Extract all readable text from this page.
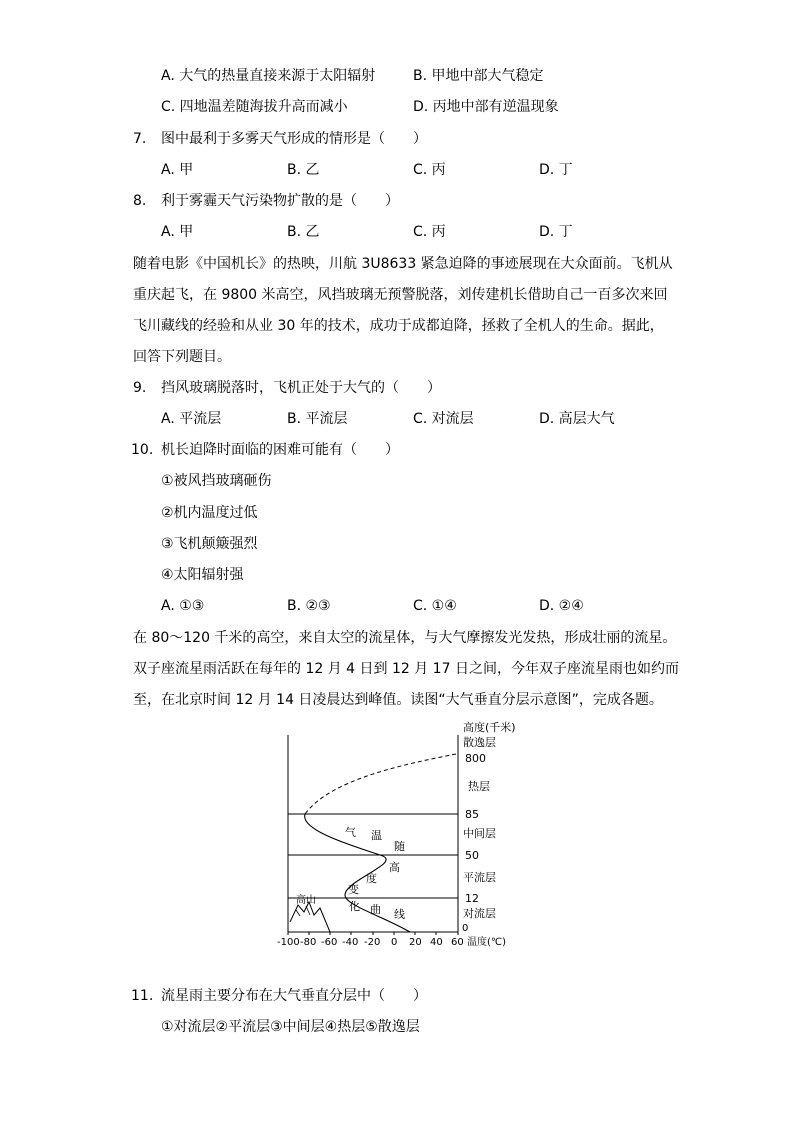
A. 大气的热量直接来源于太阳辐射	B. 甲地中部大气稳定
C. 四地温差随海拔升高而减小	D. 丙地中部有逆温现象
7. 图中最利于多雾天气形成的情形是（　　）
A. 甲	B. 乙	C. 丙	D. 丁
8. 利于雾霾天气污染物扩散的是（　　）
A. 甲	B. 乙	C. 丙	D. 丁
随着电影《中国机长》的热映，川航 3U8633 紧急迫降的事迹展现在大众面前。飞机从
重庆起飞，在 9800 米高空，风挡玻璃无预警脱落，刘传建机长借助自己一百多次来回
飞川藏线的经验和从业 30 年的技术，成功于成都迫降，拯救了全机人的生命。据此，
回答下列题目。
9. 挡风玻璃脱落时，飞机正处于大气的（　　）
A. 平流层	B. 平流层	C. 对流层	D. 高层大气
10. 机长迫降时面临的困难可能有（　　）
①被风挡玻璃砸伤
②机内温度过低
③飞机颠簸强烈
④太阳辐射强
A. ①③	B. ②③	C. ①④	D. ②④
在 80～120 千米的高空，来自太空的流星体，与大气摩擦发光发热，形成壮丽的流星。
双子座流星雨活跃在每年的 12 月 4 日到 12 月 17 日之间，今年双子座流星雨也如约而
至，在北京时间 12 月 14 日凌晨达到峰值。读图“大气垂直分层示意图”，完成各题。
高度(千米)
高山
气 温
随
高
度
变
化 曲 线
散逸层
热层
中间层
平流层
对流层
800
85
50
12
0
-100 -80 -60 -40 -20 0 20 40 60 温度(℃)
11. 流星雨主要分布在大气垂直分层中（　　）
①对流层②平流层③中间层④热层⑤散逸层
